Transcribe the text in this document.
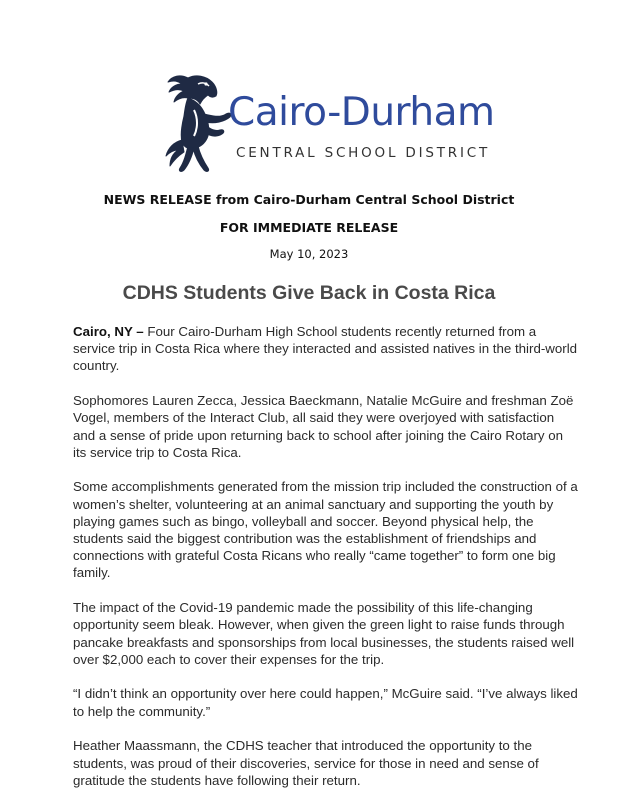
Cairo-Durham
CENTRAL SCHOOL DISTRICT
NEWS RELEASE from Cairo-Durham Central School District
FOR IMMEDIATE RELEASE
May 10, 2023
CDHS Students Give Back in Costa Rica

Cairo, NY – Four Cairo-Durham High School students recently returned from a service trip in Costa Rica where they interacted and assisted natives in the third-world country.

Sophomores Lauren Zecca, Jessica Baeckmann, Natalie McGuire and freshman Zoë Vogel, members of the Interact Club, all said they were overjoyed with satisfaction and a sense of pride upon returning back to school after joining the Cairo Rotary on its service trip to Costa Rica.

Some accomplishments generated from the mission trip included the construction of a women’s shelter, volunteering at an animal sanctuary and supporting the youth by playing games such as bingo, volleyball and soccer. Beyond physical help, the students said the biggest contribution was the establishment of friendships and connections with grateful Costa Ricans who really “came together” to form one big family.

The impact of the Covid-19 pandemic made the possibility of this life-changing opportunity seem bleak. However, when given the green light to raise funds through pancake breakfasts and sponsorships from local businesses, the students raised well over $2,000 each to cover their expenses for the trip.

“I didn’t think an opportunity over here could happen,” McGuire said. “I’ve always liked to help the community.”

Heather Maassmann, the CDHS teacher that introduced the opportunity to the students, was proud of their discoveries, service for those in need and sense of gratitude the students have following their return.
